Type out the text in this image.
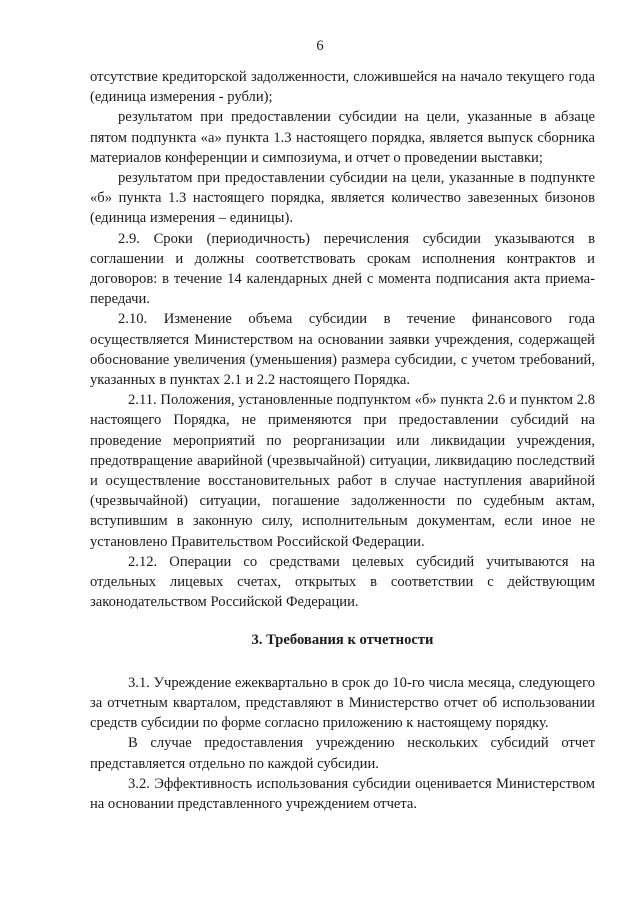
6

отсутствие кредиторской задолженности, сложившейся на начало текущего года (единица измерения - рубли);

результатом при предоставлении субсидии на цели, указанные в абзаце пятом подпункта «а» пункта 1.3 настоящего порядка, является выпуск сборника материалов конференции и симпозиума, и отчет о проведении выставки;

результатом при предоставлении субсидии на цели, указанные в подпункте «б» пункта 1.3 настоящего порядка, является количество завезенных бизонов (единица измерения – единицы).

2.9. Сроки (периодичность) перечисления субсидии указываются в соглашении и должны соответствовать срокам исполнения контрактов и договоров: в течение 14 календарных дней с момента подписания акта приема-передачи.

2.10. Изменение объема субсидии в течение финансового года осуществляется Министерством на основании заявки учреждения, содержащей обоснование увеличения (уменьшения) размера субсидии, с учетом требований, указанных в пунктах 2.1 и 2.2 настоящего Порядка.

2.11. Положения, установленные подпунктом «б» пункта 2.6 и пунктом 2.8 настоящего Порядка, не применяются при предоставлении субсидий на проведение мероприятий по реорганизации или ликвидации учреждения, предотвращение аварийной (чрезвычайной) ситуации, ликвидацию последствий и осуществление восстановительных работ в случае наступления аварийной (чрезвычайной) ситуации, погашение задолженности по судебным актам, вступившим в законную силу, исполнительным документам, если иное не установлено Правительством Российской Федерации.

2.12. Операции со средствами целевых субсидий учитываются на отдельных лицевых счетах, открытых в соответствии с действующим законодательством Российской Федерации.

3. Требования к отчетности

3.1. Учреждение ежеквартально в срок до 10-го числа месяца, следующего за отчетным кварталом, представляют в Министерство отчет об использовании средств субсидии по форме согласно приложению к настоящему порядку.

В случае предоставления учреждению нескольких субсидий отчет представляется отдельно по каждой субсидии.

3.2. Эффективность использования субсидии оценивается Министерством на основании представленного учреждением отчета.
